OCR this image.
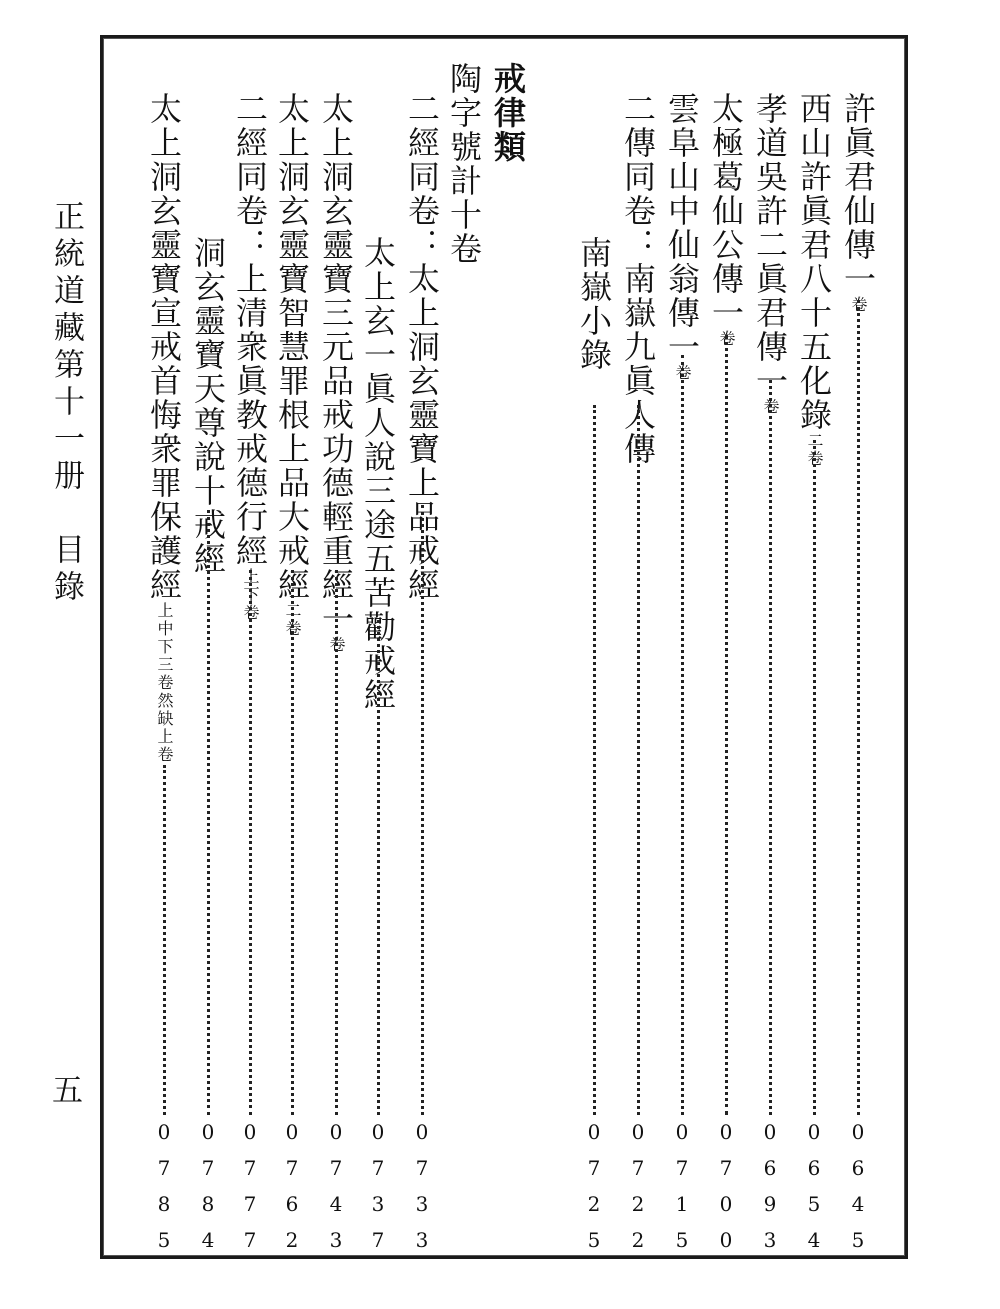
正統道藏第十一册　目錄
五
許眞君仙傳一卷
0645
西山許眞君八十五化錄二卷
0654
孝道吳許二眞君傳一卷
0693
太極葛仙公傳一卷
0700
雲阜山中仙翁傳一卷
0715
二傳同卷：南嶽九眞人傳
0722
南嶽小錄
0725
戒律類
陶字號計十卷
二經同卷：太上洞玄靈寶上品戒經
0733
太上玄一眞人說三途五苦勸戒經
0737
太上洞玄靈寶三元品戒功德輕重經一卷
0743
太上洞玄靈寶智慧罪根上品大戒經二卷
0762
二經同卷：上清衆眞教戒德行經上下卷
0777
洞玄靈寶天尊說十戒經
0784
太上洞玄靈寶宣戒首悔衆罪保護經上中下三卷然缺上卷
0785
